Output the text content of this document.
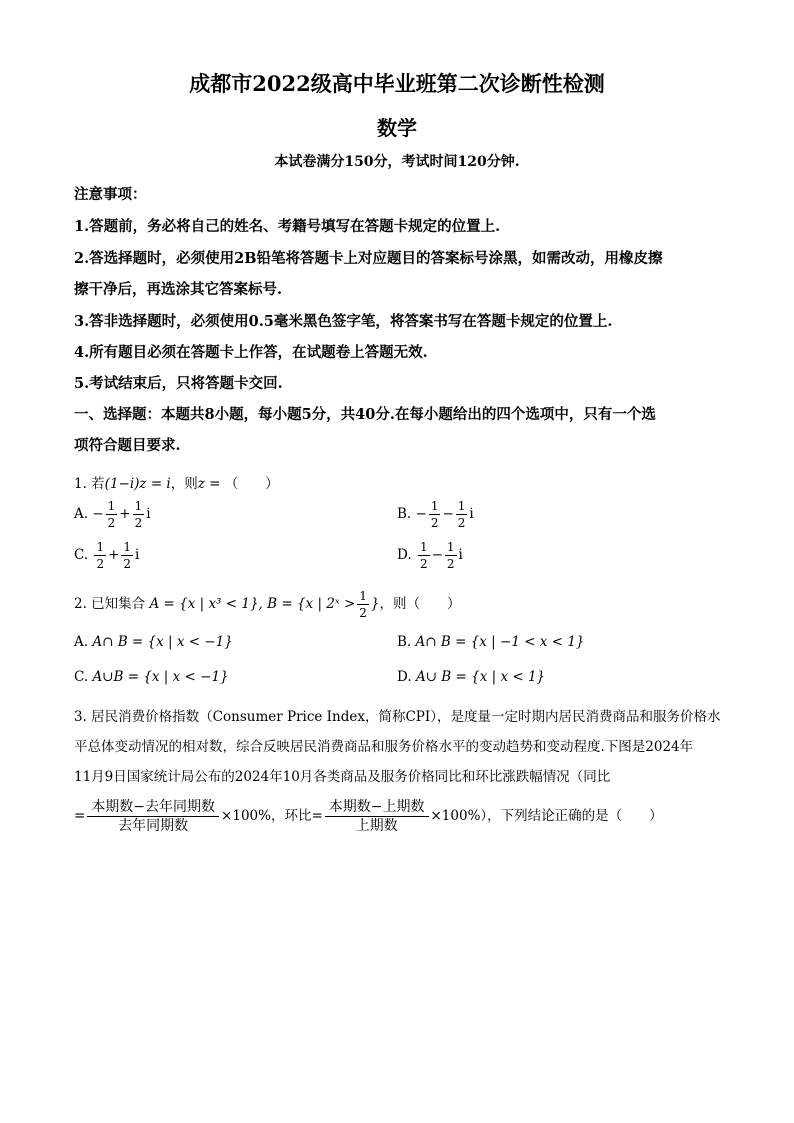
成都市2022级高中毕业班第二次诊断性检测
数学
本试卷满分150分，考试时间120分钟.
注意事项：
1.答题前，务必将自己的姓名、考籍号填写在答题卡规定的位置上.
2.答选择题时，必须使用2B铅笔将答题卡上对应题目的答案标号涂黑，如需改动，用橡皮擦
擦干净后，再选涂其它答案标号.
3.答非选择题时，必须使用0.5毫米黑色签字笔，将答案书写在答题卡规定的位置上.
4.所有题目必须在答题卡上作答，在试题卷上答题无效.
5.考试结束后，只将答题卡交回.
一、选择题：本题共8小题，每小题5分，共40分.在每小题给出的四个选项中，只有一个选
项符合题目要求.
1. 若(1−i)z = i，则z = （　　）
A. − $\frac{1}{2} + \frac{1}{2}$ i	B. − $\frac{1}{2} - \frac{1}{2}$ i
C. $\frac{1}{2} + \frac{1}{2}$ i	D. $\frac{1}{2} - \frac{1}{2}$ i
2. 已知集合 A = {x | x³ < 1}, B = {x | 2ˣ > $\frac{1}{2}$ }，则（　　）
A. A∩ B = {x | x < −1}	B. A∩ B = {x | −1 < x < 1}
C. A∪B = {x | x < −1}	D. A∪ B = {x | x < 1}
3. 居民消费价格指数（Consumer Price Index，简称CPI），是度量一定时期内居民消费商品和服务价格水
平总体变动情况的相对数，综合反映居民消费商品和服务价格水平的变动趋势和变动程度.下图是2024年
11月9日国家统计局公布的2024年10月各类商品及服务价格同比和环比涨跌幅情况（同比
= $\frac{\text{本期数−去年同期数}}{\text{去年同期数}} \times 100\%$，环比= $\frac{\text{本期数−上期数}}{\text{上期数}} \times 100\%$），下列结论正确的是（　　）
